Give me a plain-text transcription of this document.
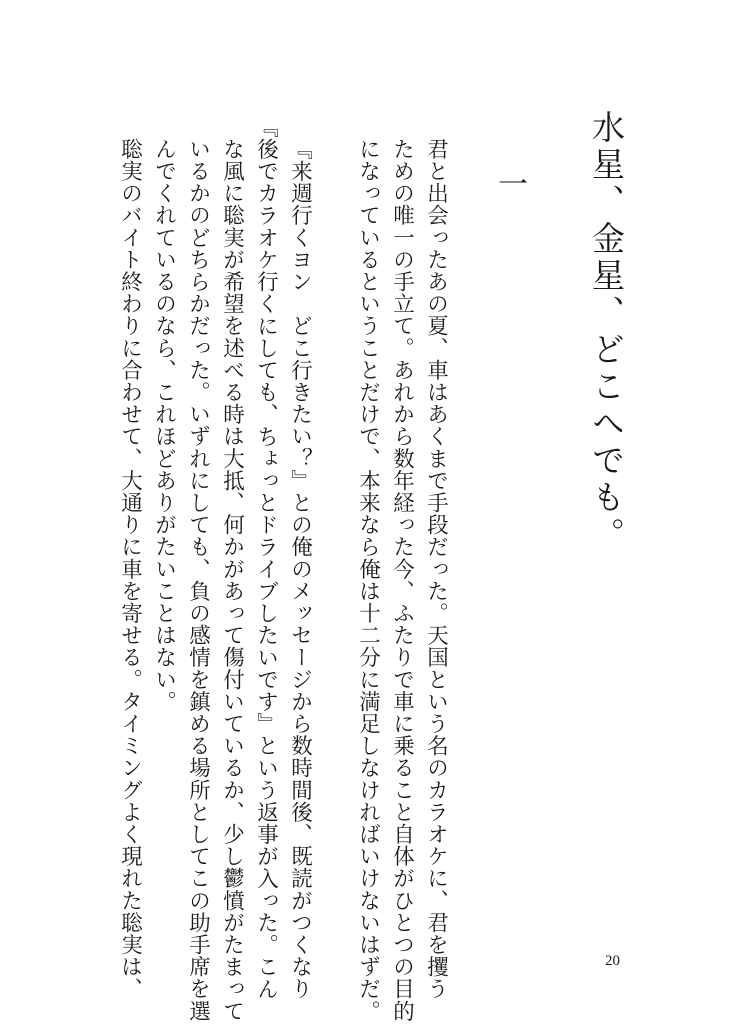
水星、金星、どこへでも。
一
君と出会ったあの夏、車はあくまで手段だった。天国という名のカラオケに、君を攫う
ための唯一の手立て。あれから数年経った今、ふたりで車に乗ること自体がひとつの目的
になっているということだけで、本来なら俺は十二分に満足しなければいけないはずだ。
『来週行くヨン　どこ行きたい？』との俺のメッセージから数時間後、既読がつくなり
『後でカラオケ行くにしても、ちょっとドライブしたいです』という返事が入った。こん
な風に聡実が希望を述べる時は大抵、何かがあって傷付いているか、少し鬱憤がたまって
いるかのどちらかだった。いずれにしても、負の感情を鎮める場所としてこの助手席を選
んでくれているのなら、これほどありがたいことはない。
聡実のバイト終わりに合わせて、大通りに車を寄せる。タイミングよく現れた聡実は、	20
